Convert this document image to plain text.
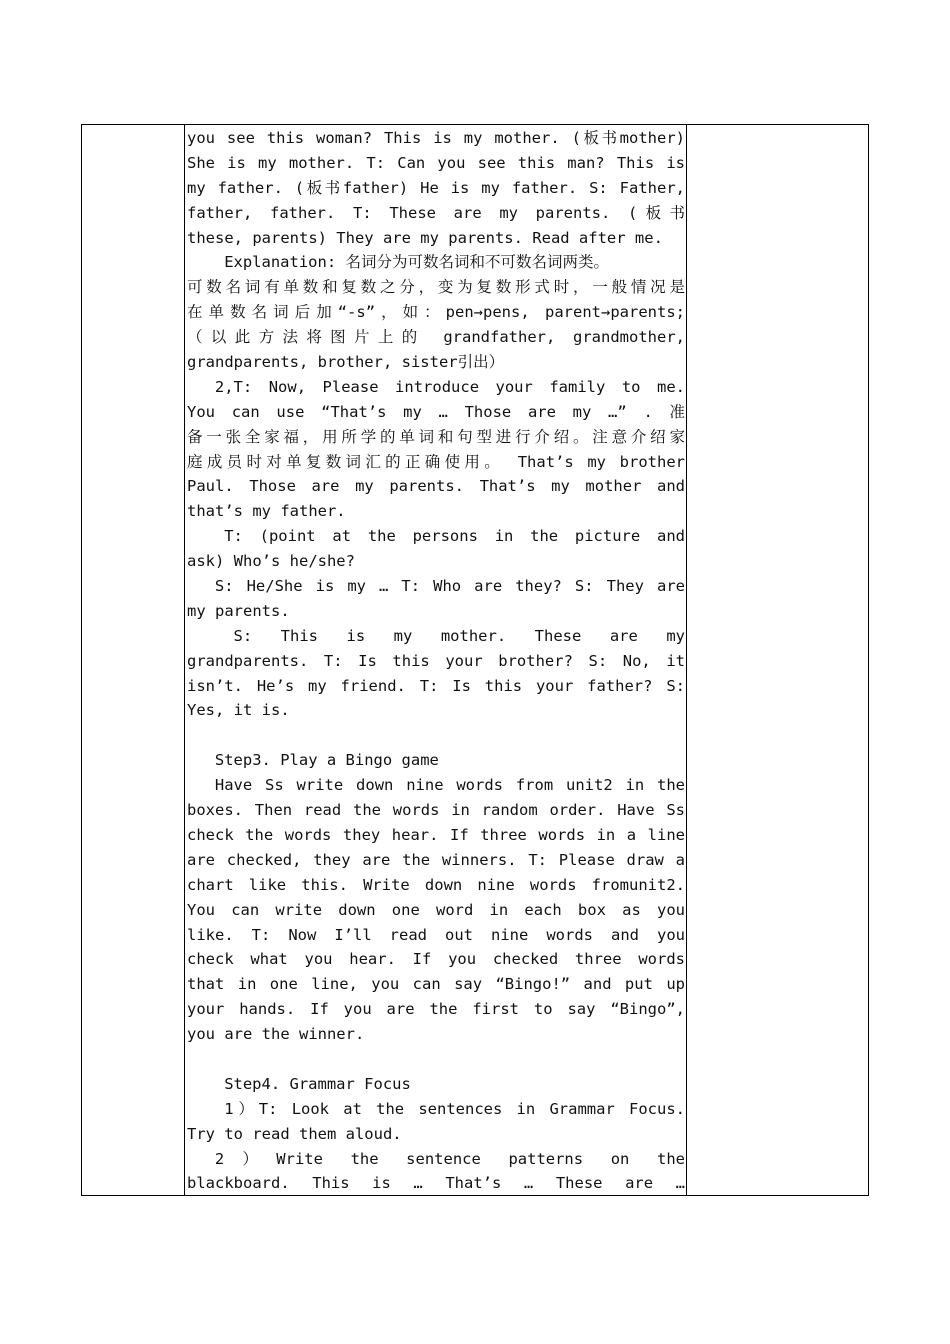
you see this woman? This is my mother. (板书mother)
She is my mother. T: Can you see this man? This is
my father. (板书father) He is my father. S: Father,
father, father. T: These are my parents. (板书
these, parents) They are my parents. Read after me.
Explanation: 名词分为可数名词和不可数名词两类。
可数名词有单数和复数之分，变为复数形式时，一般情况是
在单数名词后加“-s”，如：pen→pens, parent→parents;
（以此方法将图片上的 grandfather, grandmother,
grandparents, brother, sister引出）
2,T: Now, Please introduce your family to me.
You can use “That’s my … Those are my …” . 准
备一张全家福，用所学的单词和句型进行介绍。注意介绍家
庭成员时对单复数词汇的正确使用。 That’s my brother
Paul. Those are my parents. That’s my mother and
that’s my father.
T: (point at the persons in the picture and
ask) Who’s he/she?
S: He/She is my … T: Who are they? S: They are
my parents.
S: This is my mother. These are my
grandparents. T: Is this your brother? S: No, it
isn’t. He’s my friend. T: Is this your father? S:
Yes, it is.
Step3. Play a Bingo game
Have Ss write down nine words from unit2 in the
boxes. Then read the words in random order. Have Ss
check the words they hear. If three words in a line
are checked, they are the winners. T: Please draw a
chart like this. Write down nine words fromunit2.
You can write down one word in each box as you
like. T: Now I’ll read out nine words and you
check what you hear. If you checked three words
that in one line, you can say “Bingo!” and put up
your hands. If you are the first to say “Bingo”,
you are the winner.
Step4. Grammar Focus
1）T: Look at the sentences in Grammar Focus.
Try to read them aloud.
2）Write the sentence patterns on the
blackboard. This is … That’s … These are …
